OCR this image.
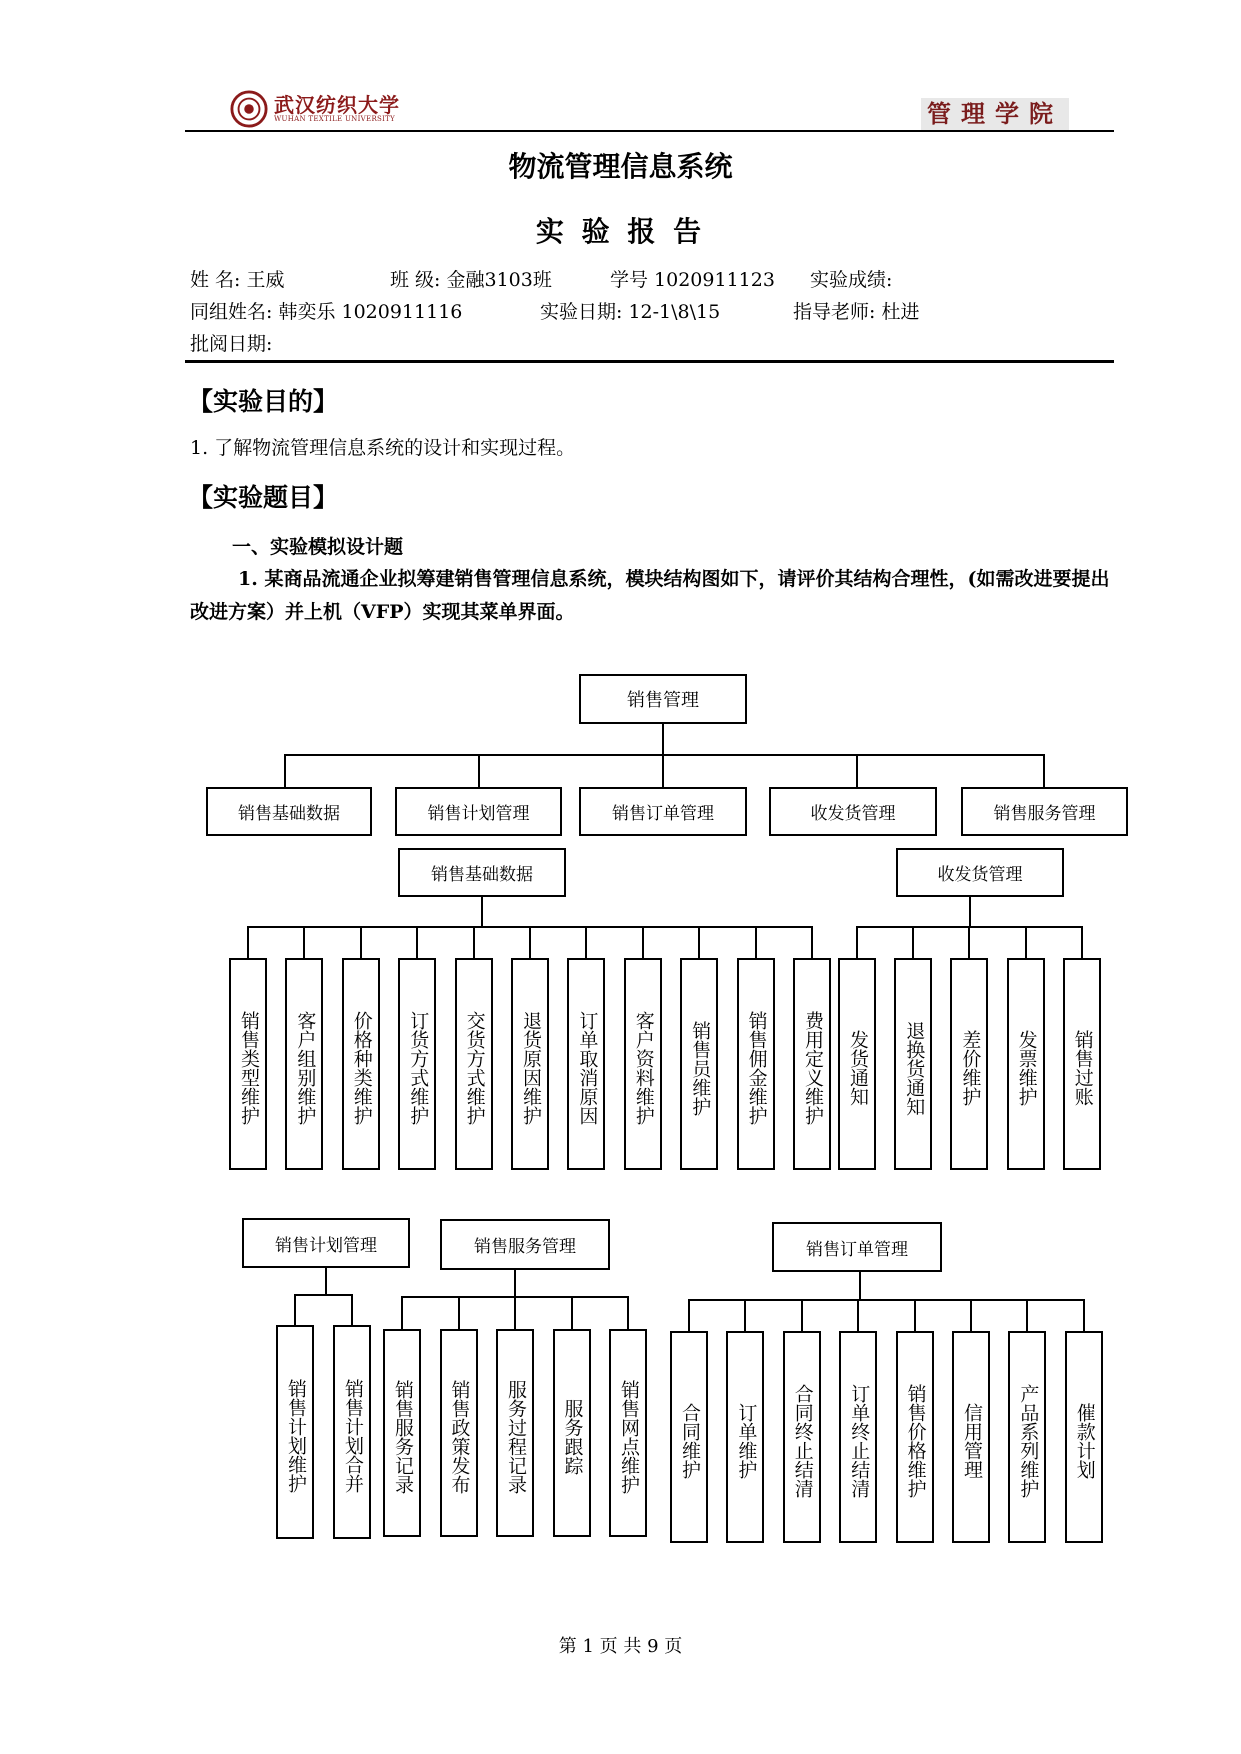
武汉纺织大学
WUHAN TEXTILE UNIVERSITY	管理学院
物流管理信息系统
实 验 报 告
姓 名: 王威	班 级: 金融3103班	学号 1020911123 实验成绩:
同组姓名: 韩奕乐 1020911116	实验日期: 12-1\8\15	指导老师: 杜进
批阅日期:
【实验目的】
1. 了解物流管理信息系统的设计和实现过程。
【实验题目】
一、实验模拟设计题
1. 某商品流通企业拟筹建销售管理信息系统，模块结构图如下，请评价其结构合理性，(如需改进要提出改进方案）并上机（VFP）实现其菜单界面。
销售管理
销售基础数据	销售计划管理	销售订单管理	收发货管理	销售服务管理
销售基础数据
销售类型维护	客户组别维护	价格种类维护	订货方式维护	交货方式维护	退货原因维护	订单取消原因	客户资料维护	销售员维护	销售佣金维护	费用定义维护
收发货管理
发货通知	退换货通知	差价维护	发票维护	销售过账
销售计划管理
销售计划维护	销售计划合并
销售服务管理
销售服务记录	销售政策发布	服务过程记录	服务跟踪	销售网点维护
销售订单管理
合同维护	订单维护	合同终止结清	订单终止结清	销售价格维护	信用管理	产品系列维护	催款计划
第 1 页 共 9 页
